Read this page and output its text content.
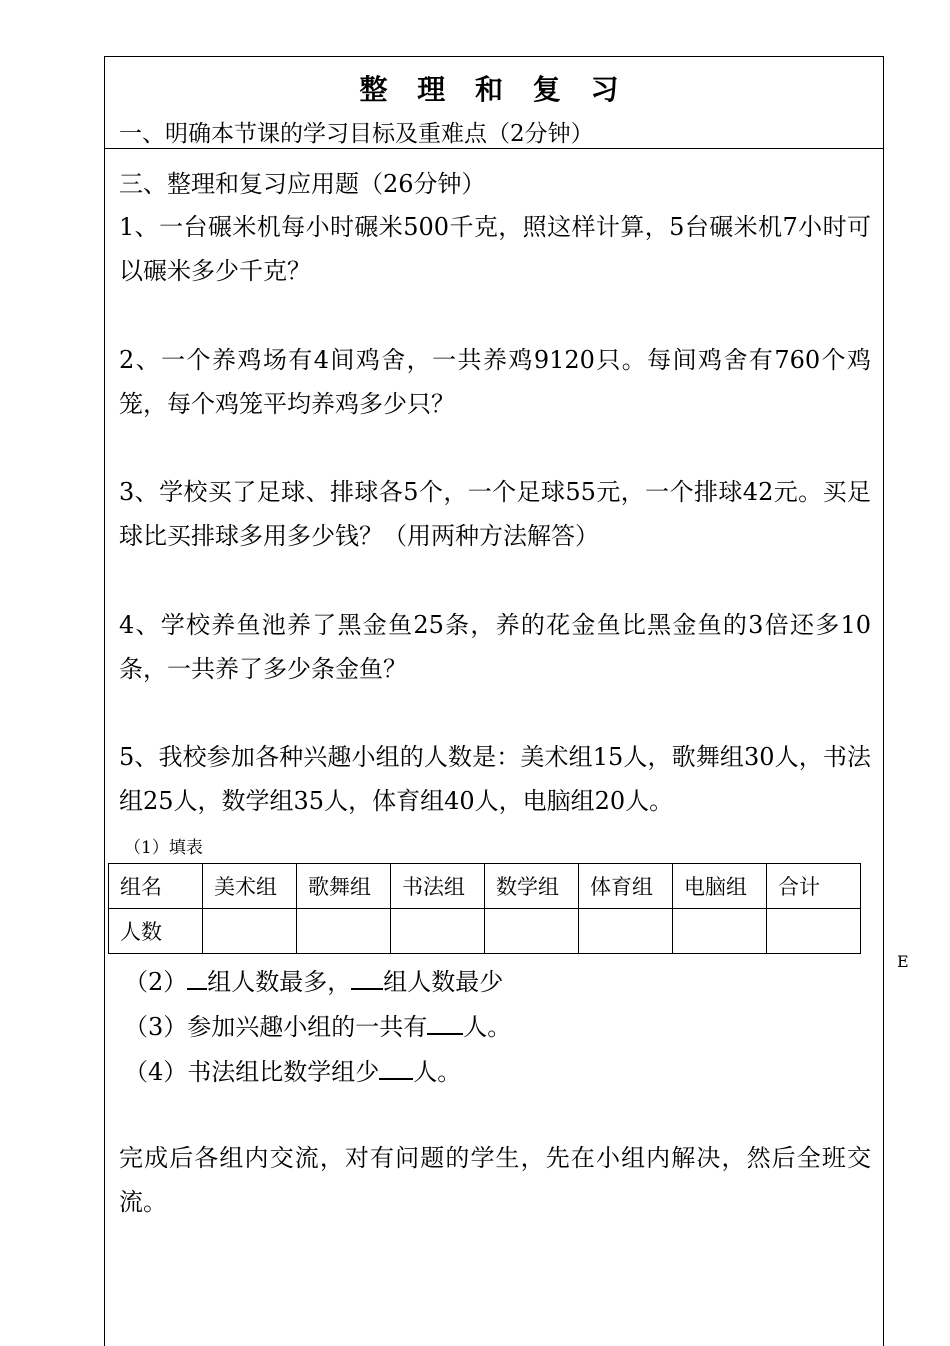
整 理 和 复 习
一、明确本节课的学习目标及重难点（2分钟）
三、整理和复习应用题（26分钟）
1、一台碾米机每小时碾米500千克，照这样计算，5台碾米机7小时可以碾米多少千克？
2、一个养鸡场有4间鸡舍，一共养鸡9120只。每间鸡舍有760个鸡笼，每个鸡笼平均养鸡多少只？
3、学校买了足球、排球各5个，一个足球55元，一个排球42元。买足球比买排球多用多少钱？（用两种方法解答）
4、学校养鱼池养了黑金鱼25条，养的花金鱼比黑金鱼的3倍还多10条，一共养了多少条金鱼？
5、我校参加各种兴趣小组的人数是：美术组15人，歌舞组30人，书法组25人，数学组35人，体育组40人，电脑组20人。
（1）填表
组名	美术组	歌舞组	书法组	数学组	体育组	电脑组	合计
人数							
（2） 组人数最多， 组人数最少
（3）参加兴趣小组的一共有 人。
（4）书法组比数学组少 人。
完成后各组内交流，对有问题的学生，先在小组内解决，然后全班交流。
E
